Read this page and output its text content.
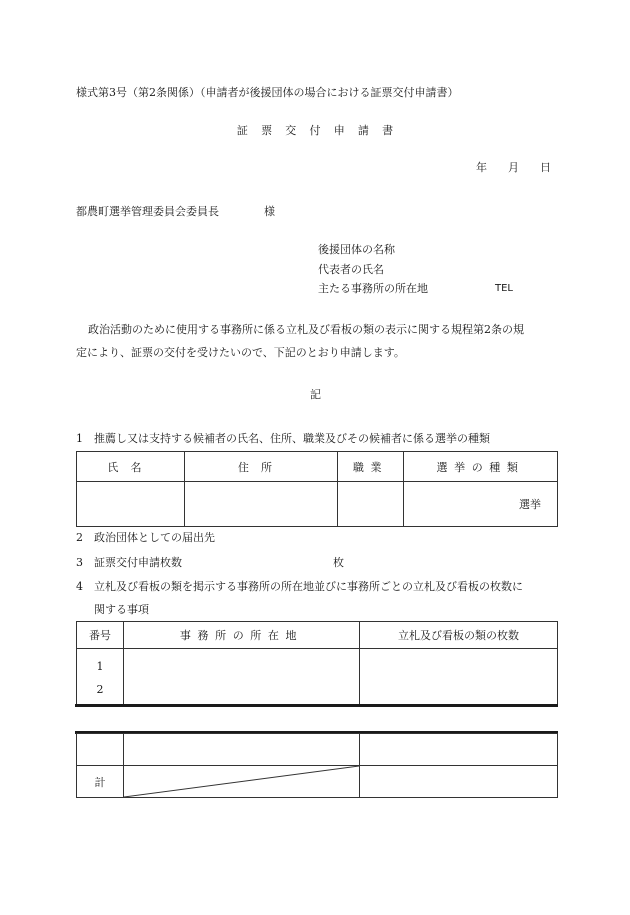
様式第3号（第2条関係）（申請者が後援団体の場合における証票交付申請書）
証票交付申請書
年 月 日
都農町選挙管理委員会委員長	様
後援団体の名称
代表者の氏名
主たる事務所の所在地	TEL
政治活動のために使用する事務所に係る立札及び看板の類の表示に関する規程第2条の規
定により、証票の交付を受けたいので、下記のとおり申請します。
記
1 推薦し又は支持する候補者の氏名、住所、職業及びその候補者に係る選挙の種類
氏名	住所	職業	選挙の種類
			選挙
2 政治団体としての届出先
3 証票交付申請枚数	枚
4 立札及び看板の類を掲示する事務所の所在地並びに事務所ごとの立札及び看板の枚数に
関する事項
番号	事務所の所在地	立札及び看板の類の枚数

1
2		

計	
